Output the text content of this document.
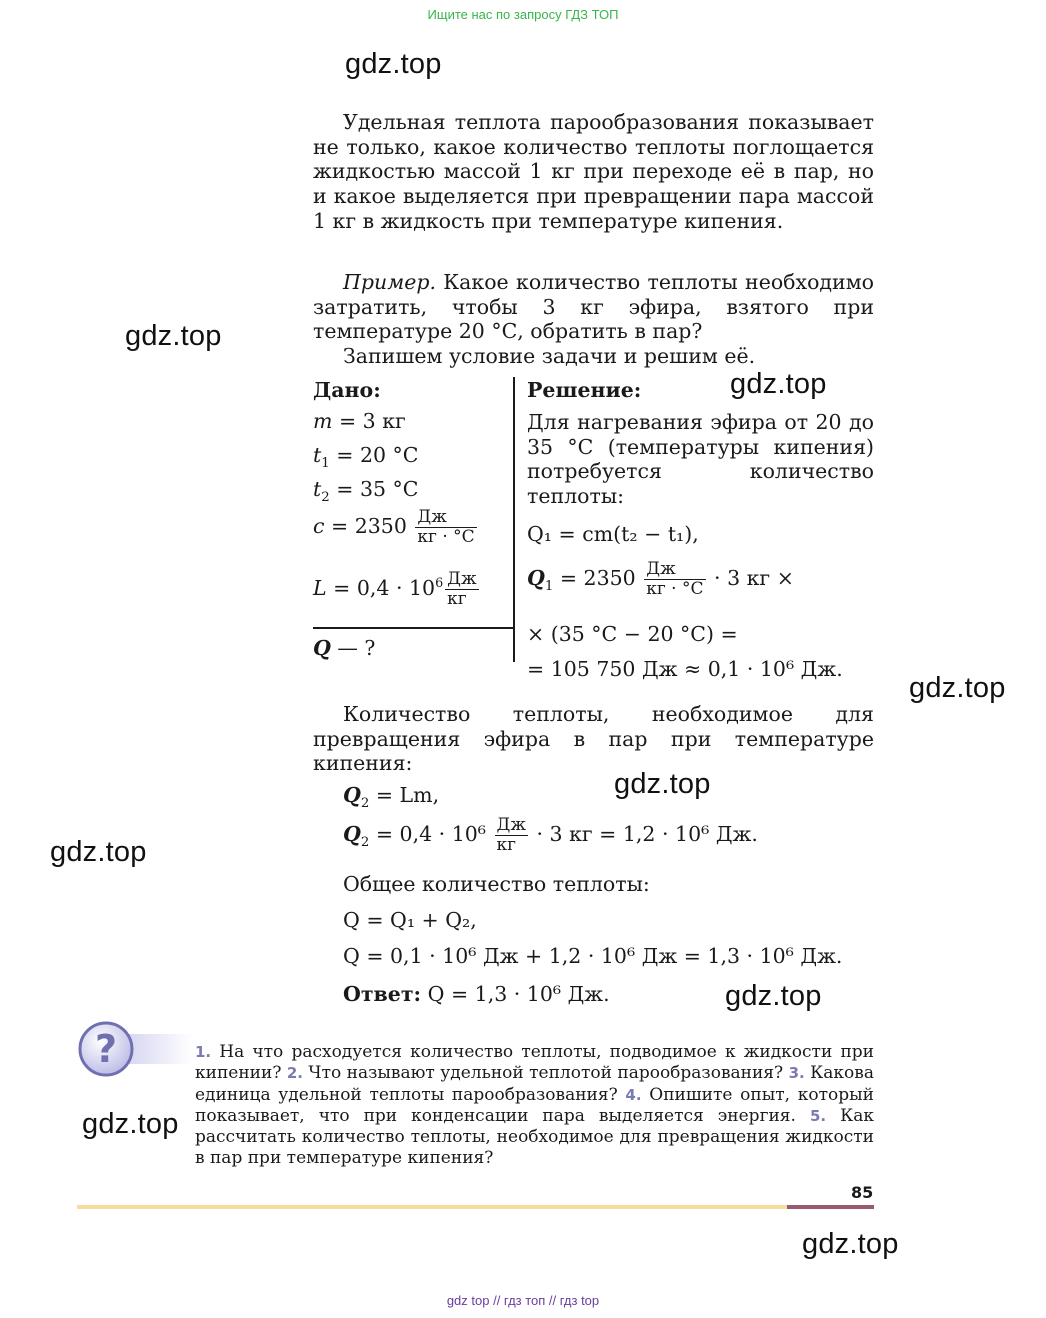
Ищите нас по запросу ГДЗ ТОП
gdz.top
gdz.top
gdz.top
gdz.top
gdz.top
gdz.top
gdz.top
gdz.top
gdz.top
Удельная теплота парообразования показывает не только, какое количество теплоты поглощается жидкостью массой 1 кг при переходе её в пар, но и какое выделяется при превращении пара массой 1 кг в жидкость при температуре кипения.
Пример. Какое количество теплоты необходимо затратить, чтобы 3 кг эфира, взятого при температуре 20 °С, обратить в пар?
Запишем условие задачи и решим её.
Дано:
m = 3 кг
$t_1 = 20$ °С
$t_2 = 35$ °С
$c = 2350 \frac{Дж}{кг \cdot ^\circ С}$
$L = 0,4 \cdot 10^6 \frac{Дж}{кг}$
Q — ?
Решение:
Для нагревания эфира от 20 до 35 °С (температуры кипения) потребуется количество теплоты:
Q₁ = cm(t₂ − t₁),
$Q_1 = 2350 \frac{Дж}{кг \cdot ^\circ С} \cdot 3$ кг ×
× (35 °С − 20 °С) =
= 105 750 Дж ≈ 0,1 · 10⁶ Дж.
Количество теплоты, необходимое для превращения эфира в пар при температуре кипения:
$Q_2 = Lm$,
$Q_2 = 0,4 \cdot 10^6 \frac{Дж}{кг} \cdot 3$ кг = 1,2 · 10⁶ Дж.
Общее количество теплоты:
Q = Q₁ + Q₂,
Q = 0,1 · 10⁶ Дж + 1,2 · 10⁶ Дж = 1,3 · 10⁶ Дж.
Ответ: Q = 1,3 · 10⁶ Дж.
?	1. На что расходуется количество теплоты, подводимое к жидкости при кипении? 2. Что называют удельной теплотой парообразования? 3. Какова единица удельной теплоты парообразования? 4. Опишите опыт, который показывает, что при конденсации пара выделяется энергия. 5. Как рассчитать количество теплоты, необходимое для превращения жидкости в пар при температуре кипения?
85
gdz top // гдз топ // гдз top
